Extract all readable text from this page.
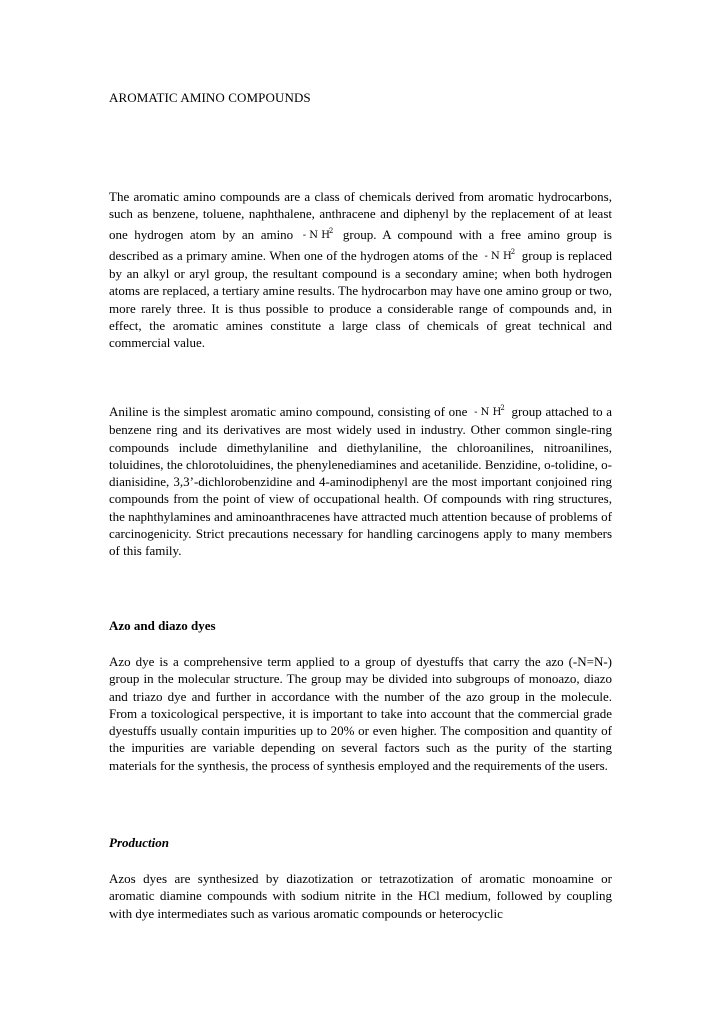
AROMATIC AMINO COMPOUNDS

The aromatic amino compounds are a class of chemicals derived from aromatic hydrocarbons, such as benzene, toluene, naphthalene, anthracene and diphenyl by the replacement of at least one hydrogen atom by an amino - N $H^2$ group. A compound with a free amino group is described as a primary amine. When one of the hydrogen atoms of the - N $H^2$ group is replaced by an alkyl or aryl group, the resultant compound is a secondary amine; when both hydrogen atoms are replaced, a tertiary amine results. The hydrocarbon may have one amino group or two, more rarely three. It is thus possible to produce a considerable range of compounds and, in effect, the aromatic amines constitute a large class of chemicals of great technical and commercial value.

Aniline is the simplest aromatic amino compound, consisting of one - N $H^2$ group attached to a benzene ring and its derivatives are most widely used in industry. Other common single-ring compounds include dimethylaniline and diethylaniline, the chloroanilines, nitroanilines, toluidines, the chlorotoluidines, the phenylenediamines and acetanilide. Benzidine, o-tolidine, o-dianisidine, 3,3’-dichlorobenzidine and 4-aminodiphenyl are the most important conjoined ring compounds from the point of view of occupational health. Of compounds with ring structures, the naphthylamines and aminoanthracenes have attracted much attention because of problems of carcinogenicity. Strict precautions necessary for handling carcinogens apply to many members of this family.

Azo and diazo dyes

Azo dye is a comprehensive term applied to a group of dyestuffs that carry the azo (-N=N-) group in the molecular structure. The group may be divided into subgroups of monoazo, diazo and triazo dye and further in accordance with the number of the azo group in the molecule. From a toxicological perspective, it is important to take into account that the commercial grade dyestuffs usually contain impurities up to 20% or even higher. The composition and quantity of the impurities are variable depending on several factors such as the purity of the starting materials for the synthesis, the process of synthesis employed and the requirements of the users.

Production

Azos dyes are synthesized by diazotization or tetrazotization of aromatic monoamine or aromatic diamine compounds with sodium nitrite in the HCl medium, followed by coupling with dye intermediates such as various aromatic compounds or heterocyclic
